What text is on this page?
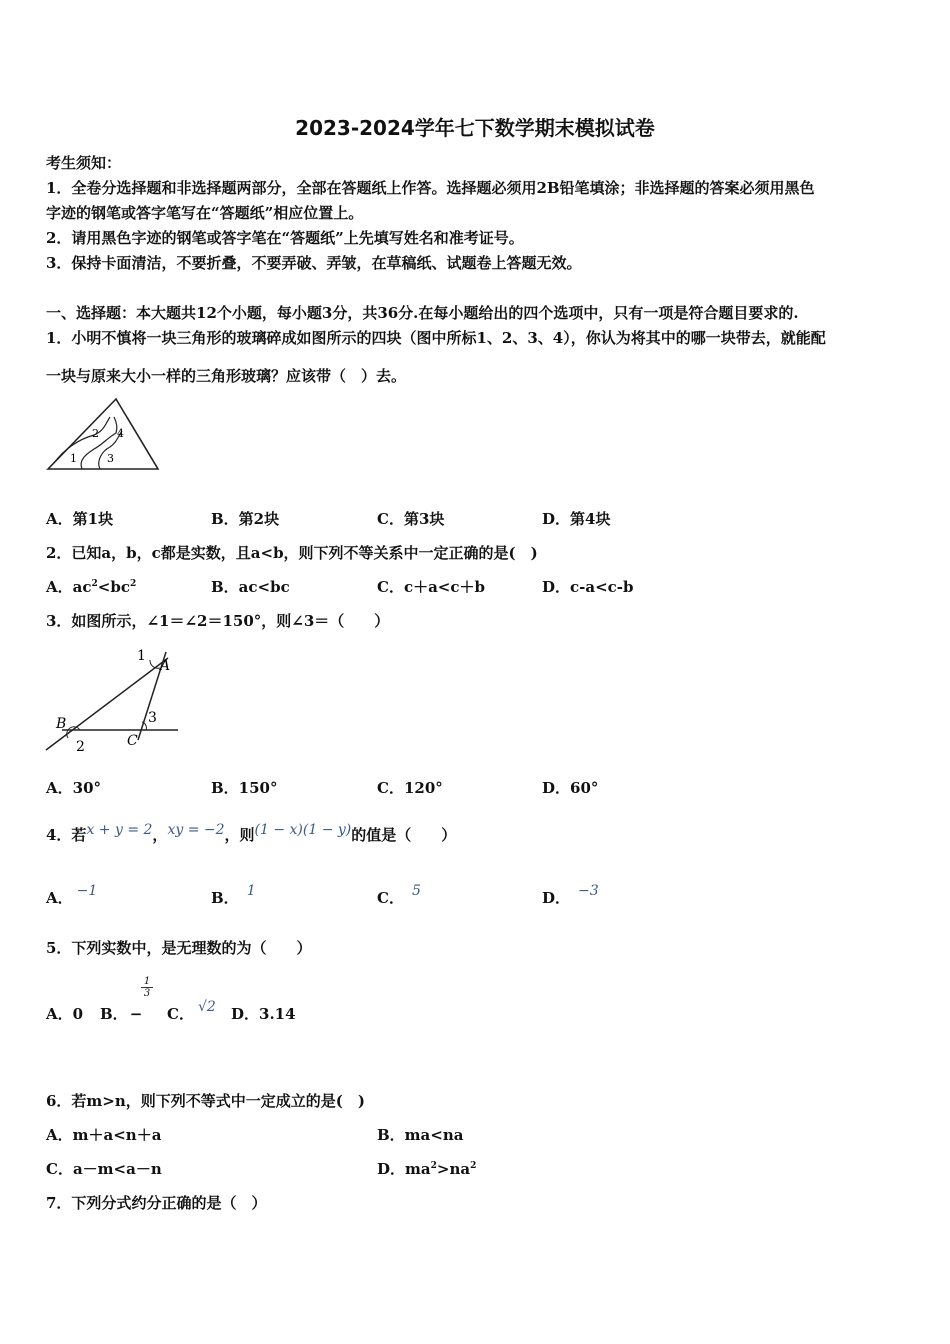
2023-2024学年七下数学期末模拟试卷
考生须知：
1．全卷分选择题和非选择题两部分，全部在答题纸上作答。选择题必须用2B铅笔填涂；非选择题的答案必须用黑色
字迹的钢笔或答字笔写在“答题纸”相应位置上。
2．请用黑色字迹的钢笔或答字笔在“答题纸”上先填写姓名和准考证号。
3．保持卡面清洁，不要折叠，不要弄破、弄皱，在草稿纸、试题卷上答题无效。
一、选择题：本大题共12个小题，每小题3分，共36分.在每小题给出的四个选项中，只有一项是符合题目要求的.
1．小明不慎将一块三角形的玻璃碎成如图所示的四块（图中所标1、2、3、4），你认为将其中的哪一块带去，就能配
一块与原来大小一样的三角形玻璃？应该带（　）去。
1
2
3
4
A．第1块	B．第2块	C．第3块	D．第4块
2．已知a，b，c都是实数，且a<b，则下列不等关系中一定正确的是(　)
A．$ac^2<bc^2$	B．ac<bc	C．c＋a<c＋b	D．c-a<c-b
3．如图所示，∠1＝∠2＝150°，则∠3＝（　　）
1
A
B	3
C
2
A．30°	B．150°	C．120°	D．60°
4．若x + y = 2，xy = −2，则(1 − x)(1 − y)的值是（　　）
A． −1	B． 1	C． 5	D． −3
5．下列实数中，是无理数的为（　　）
A．0 B． −
1
3
C． √2 D．3.14
6．若m>n，则下列不等式中一定成立的是(　)
A．m＋a<n＋a	B．ma<na
C．a－m<a－n	D．$ma^2>na^2$
7．下列分式约分正确的是（　）
